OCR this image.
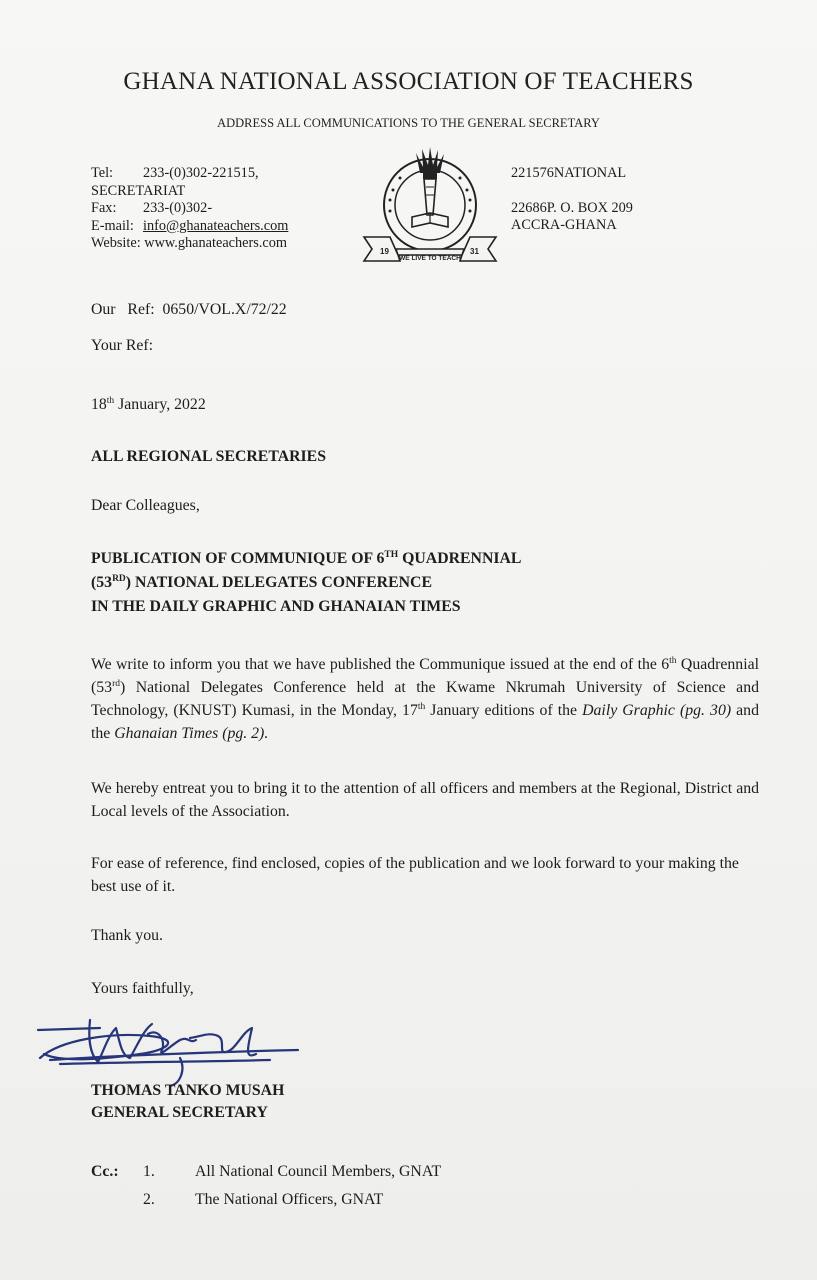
GHANA NATIONAL ASSOCIATION OF TEACHERS
ADDRESS ALL COMMUNICATIONS TO THE GENERAL SECRETARY
Tel: 233-(0)302-221515,
SECRETARIAT
Fax: 233-(0)302-
E-mail: info@ghanateachers.com
Website: www.ghanateachers.com
19	31
WE LIVE TO TEACH
221576NATIONAL
22686P. O. BOX 209
ACCRA-GHANA
Our   Ref:  0650/VOL.X/72/22
Your Ref:
18th January, 2022
ALL REGIONAL SECRETARIES
Dear Colleagues,
PUBLICATION OF COMMUNIQUE OF 6TH QUADRENNIAL
(53RD) NATIONAL DELEGATES CONFERENCE
IN THE DAILY GRAPHIC AND GHANAIAN TIMES
We write to inform you that we have published the Communique issued at the end of the 6th Quadrennial (53rd) National Delegates Conference held at the Kwame Nkrumah University of Science and Technology, (KNUST) Kumasi, in the Monday, 17th January editions of the Daily Graphic (pg. 30) and the Ghanaian Times (pg. 2).
We hereby entreat you to bring it to the attention of all officers and members at the Regional, District and Local levels of the Association.
For ease of reference, find enclosed, copies of the publication and we look forward to your making the best use of it.
Thank you.
Yours faithfully,
THOMAS TANKO MUSAH
GENERAL SECRETARY
Cc.: 1.	All National Council Members, GNAT
2.	The National Officers, GNAT
